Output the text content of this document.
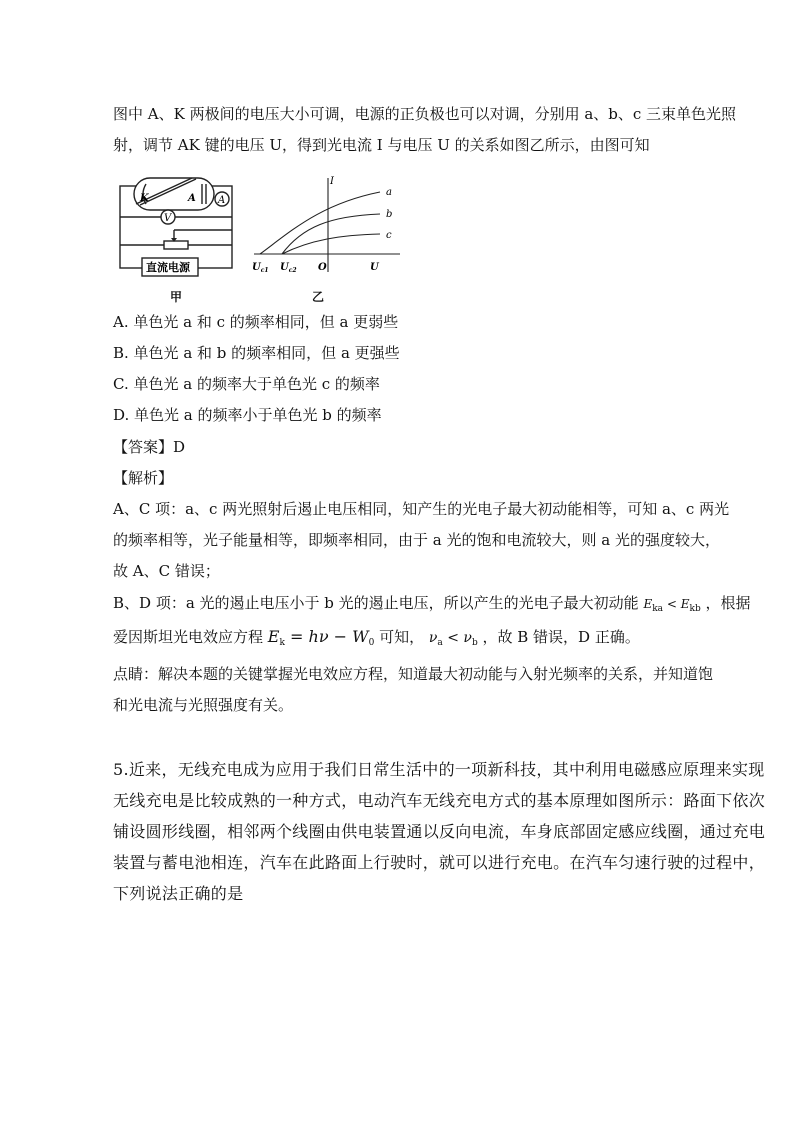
图中 A、K 两极间的电压大小可调，电源的正负极也可以对调，分别用 a、b、c 三束单色光照
射，调节 AK 键的电压 U，得到光电流 I 与电压 U 的关系如图乙所示，由图可知
K	A A
V
直流电源
甲
I
a
b
c
$U_{c1}$ $U_{c2}$ O	U
乙
A. 单色光 a 和 c 的频率相同，但 a 更弱些
B. 单色光 a 和 b 的频率相同，但 a 更强些
C. 单色光 a 的频率大于单色光 c 的频率
D. 单色光 a 的频率小于单色光 b 的频率
【答案】D
【解析】
A、C 项：a、c 两光照射后遏止电压相同，知产生的光电子最大初动能相等，可知 a、c 两光
的频率相等，光子能量相等，即频率相同，由于 a 光的饱和电流较大，则 a 光的强度较大，
故 A、C 错误；
B、D 项：a 光的遏止电压小于 b 光的遏止电压，所以产生的光电子最大初动能 $E_{ka} < E_{kb}$ ，根据
爱因斯坦光电效应方程 $E_k = h\nu - W_0$ 可知， $\nu_a < \nu_b$ ，故 B 错误，D 正确。
点睛：解决本题的关键掌握光电效应方程，知道最大初动能与入射光频率的关系，并知道饱
和光电流与光照强度有关。
5.近来，无线充电成为应用于我们日常生活中的一项新科技，其中利用电磁感应原理来实现
无线充电是比较成熟的一种方式，电动汽车无线充电方式的基本原理如图所示：路面下依次
铺设圆形线圈，相邻两个线圈由供电装置通以反向电流，车身底部固定感应线圈，通过充电
装置与蓄电池相连，汽车在此路面上行驶时，就可以进行充电。在汽车匀速行驶的过程中，
下列说法正确的是
